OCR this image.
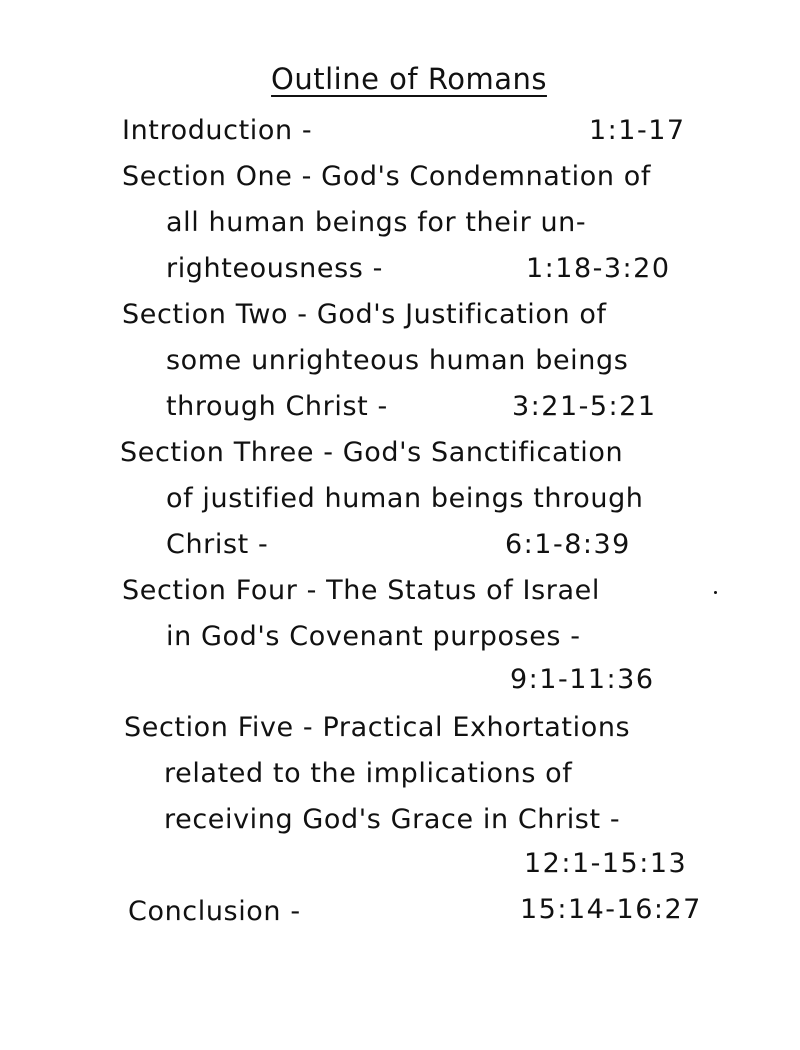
Outline of Romans
Introduction -	1:1-17
Section One - God's Condemnation of
all human beings for their un-
righteousness -	1:18-3:20
Section Two - God's Justification of
some unrighteous human beings
through Christ -	3:21-5:21
Section Three - God's Sanctification
of justified human beings through
Christ -	6:1-8:39
Section Four - The Status of Israel
in God's Covenant purposes -
9:1-11:36
Section Five - Practical Exhortations
related to the implications of
receiving God's Grace in Christ -
12:1-15:13
Conclusion -	15:14-16:27
